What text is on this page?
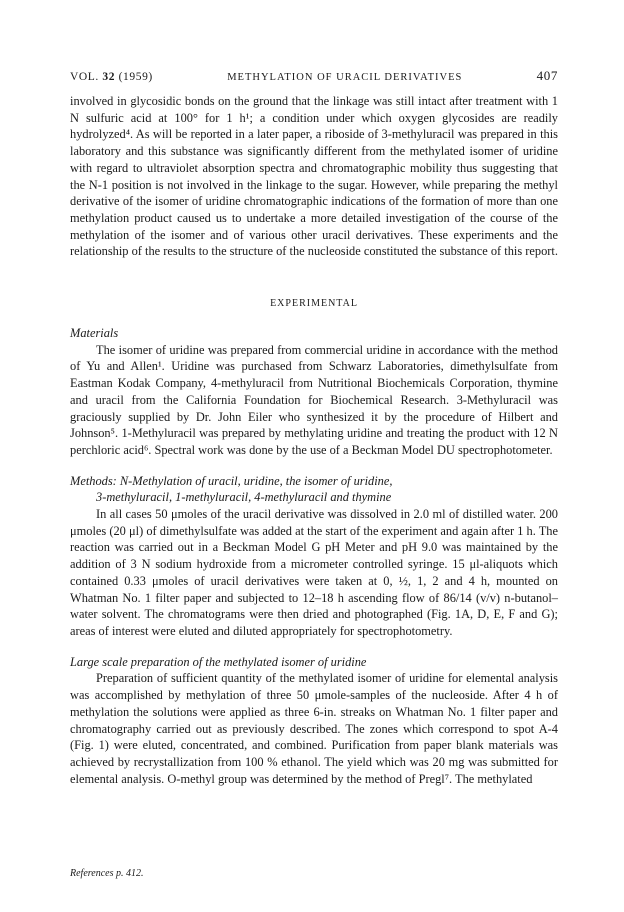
VOL. 32 (1959)	METHYLATION OF URACIL DERIVATIVES	407

involved in glycosidic bonds on the ground that the linkage was still intact after treatment with 1 N sulfuric acid at 100° for 1 h¹; a condition under which oxygen glycosides are readily hydrolyzed⁴. As will be reported in a later paper, a riboside of 3-methyluracil was prepared in this laboratory and this substance was significantly different from the methylated isomer of uridine with regard to ultraviolet absorption spectra and chromatographic mobility thus suggesting that the N-1 position is not involved in the linkage to the sugar. However, while preparing the methyl derivative of the isomer of uridine chromatographic indications of the formation of more than one methylation product caused us to undertake a more detailed investigation of the course of the methylation of the isomer and of various other uracil derivatives. These experiments and the relationship of the results to the structure of the nucleoside constituted the substance of this report.

EXPERIMENTAL
Materials

The isomer of uridine was prepared from commercial uridine in accordance with the method of Yu and Allen¹. Uridine was purchased from Schwarz Laboratories, dimethylsulfate from Eastman Kodak Company, 4-methyluracil from Nutritional Biochemicals Corporation, thymine and uracil from the California Foundation for Biochemical Research. 3-Methyluracil was graciously supplied by Dr. John Eiler who synthesized it by the procedure of Hilbert and Johnson⁵. 1-Methyluracil was prepared by methylating uridine and treating the product with 12 N perchloric acid⁶. Spectral work was done by the use of a Beckman Model DU spectrophotometer.

Methods: N-Methylation of uracil, uridine, the isomer of uridine,
3-methyluracil, 1-methyluracil, 4-methyluracil and thymine

In all cases 50 μmoles of the uracil derivative was dissolved in 2.0 ml of distilled water. 200 μmoles (20 μl) of dimethylsulfate was added at the start of the experiment and again after 1 h. The reaction was carried out in a Beckman Model G pH Meter and pH 9.0 was maintained by the addition of 3 N sodium hydroxide from a micrometer controlled syringe. 15 μl-aliquots which contained 0.33 μmoles of uracil derivatives were taken at 0, ½, 1, 2 and 4 h, mounted on Whatman No. 1 filter paper and subjected to 12–18 h ascending flow of 86/14 (v/v) n-butanol–water solvent. The chromatograms were then dried and photographed (Fig. 1A, D, E, F and G); areas of interest were eluted and diluted appropriately for spectrophotometry.

Large scale preparation of the methylated isomer of uridine

Preparation of sufficient quantity of the methylated isomer of uridine for elemental analysis was accomplished by methylation of three 50 μmole-samples of the nucleoside. After 4 h of methylation the solutions were applied as three 6-in. streaks on Whatman No. 1 filter paper and chromatography carried out as previously described. The zones which correspond to spot A-4 (Fig. 1) were eluted, concentrated, and combined. Purification from paper blank materials was achieved by recrystallization from 100 % ethanol. The yield which was 20 mg was submitted for elemental analysis. O-methyl group was determined by the method of Pregl⁷. The methylated

References p. 412.
